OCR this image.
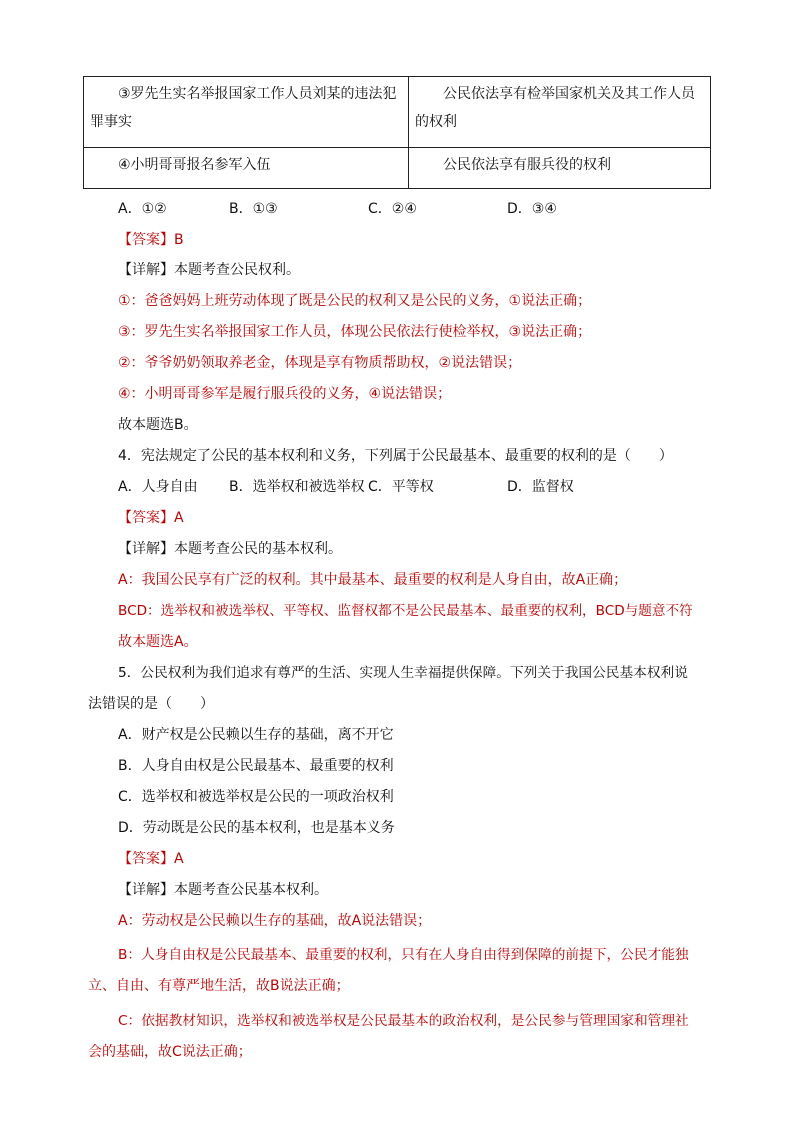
③罗先生实名举报国家工作人员刘某的违法犯罪事实	公民依法享有检举国家机关及其工作人员的权利
④小明哥哥报名参军入伍	公民依法享有服兵役的权利
A．①②	B．①③	C．②④	D．③④
【答案】B
【详解】本题考查公民权利。
①：爸爸妈妈上班劳动体现了既是公民的权利又是公民的义务，①说法正确；
③：罗先生实名举报国家工作人员，体现公民依法行使检举权，③说法正确；
②：爷爷奶奶领取养老金，体现是享有物质帮助权，②说法错误；
④：小明哥哥参军是履行服兵役的义务，④说法错误；
故本题选B。
4．宪法规定了公民的基本权利和义务，下列属于公民最基本、最重要的权利的是（　　）
A．人身自由 B．选举权和被选举权 C．平等权	D．监督权
【答案】A
【详解】本题考查公民的基本权利。
A：我国公民享有广泛的权利。其中最基本、最重要的权利是人身自由，故A正确；
BCD：选举权和被选举权、平等权、监督权都不是公民最基本、最重要的权利，BCD与题意不符
故本题选A。
5．公民权利为我们追求有尊严的生活、实现人生幸福提供保障。下列关于我国公民基本权利说
法错误的是（　　）
A．财产权是公民赖以生存的基础，离不开它
B．人身自由权是公民最基本、最重要的权利
C．选举权和被选举权是公民的一项政治权利
D．劳动既是公民的基本权利，也是基本义务
【答案】A
【详解】本题考查公民基本权利。
A：劳动权是公民赖以生存的基础，故A说法错误；
B：人身自由权是公民最基本、最重要的权利，只有在人身自由得到保障的前提下，公民才能独
立、自由、有尊严地生活，故B说法正确；
C：依据教材知识，选举权和被选举权是公民最基本的政治权利，是公民参与管理国家和管理社
会的基础，故C说法正确；
